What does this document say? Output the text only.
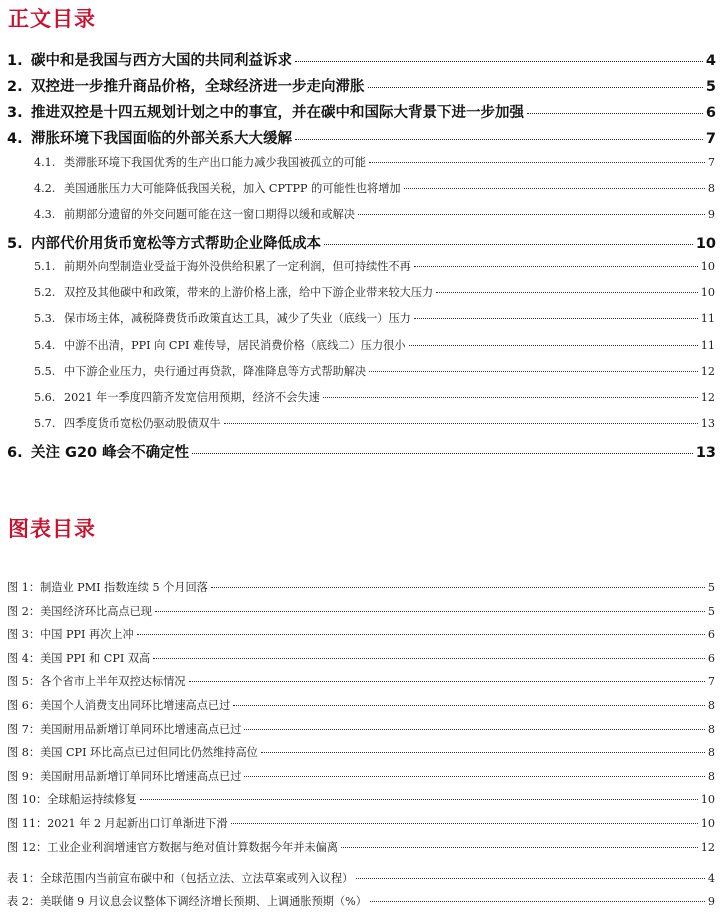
正文目录
1. 碳中和是我国与西方大国的共同利益诉求	4
2. 双控进一步推升商品价格，全球经济进一步走向滞胀	5
3. 推进双控是十四五规划计划之中的事宜，并在碳中和国际大背景下进一步加强	6
4. 滞胀环境下我国面临的外部关系大大缓解	7
4.1. 类滞胀环境下我国优秀的生产出口能力减少我国被孤立的可能	7
4.2. 美国通胀压力大可能降低我国关税，加入 CPTPP 的可能性也将增加	8
4.3. 前期部分遗留的外交问题可能在这一窗口期得以缓和或解决	9
5. 内部代价用货币宽松等方式帮助企业降低成本	10
5.1. 前期外向型制造业受益于海外没供给积累了一定利润，但可持续性不再	10
5.2. 双控及其他碳中和政策，带来的上游价格上涨，给中下游企业带来较大压力	10
5.3. 保市场主体，减税降费货币政策直达工具，减少了失业（底线一）压力	11
5.4. 中游不出清，PPI 向 CPI 难传导，居民消费价格（底线二）压力很小	11
5.5. 中下游企业压力，央行通过再贷款，降准降息等方式帮助解决	12
5.6. 2021 年一季度四箭齐发宽信用预期，经济不会失速	12
5.7. 四季度货币宽松仍驱动股债双牛	13
6. 关注 G20 峰会不确定性	13
图表目录
图 1： 制造业 PMI 指数连续 5 个月回落	5
图 2： 美国经济环比高点已现	5
图 3： 中国 PPI 再次上冲	6
图 4： 美国 PPI 和 CPI 双高	6
图 5： 各个省市上半年双控达标情况	7
图 6： 美国个人消费支出同环比增速高点已过	8
图 7： 美国耐用品新增订单同环比增速高点已过	8
图 8： 美国 CPI 环比高点已过但同比仍然维持高位	8
图 9： 美国耐用品新增订单同环比增速高点已过	8
图 10： 全球船运持续修复	10
图 11： 2021 年 2 月起新出口订单渐进下滑	10
图 12： 工业企业利润增速官方数据与绝对值计算数据今年并未偏离	12
表 1： 全球范围内当前宣布碳中和（包括立法、立法草案或列入议程）	4
表 2： 美联储 9 月议息会议整体下调经济增长预期、上调通胀预期（%）	9
